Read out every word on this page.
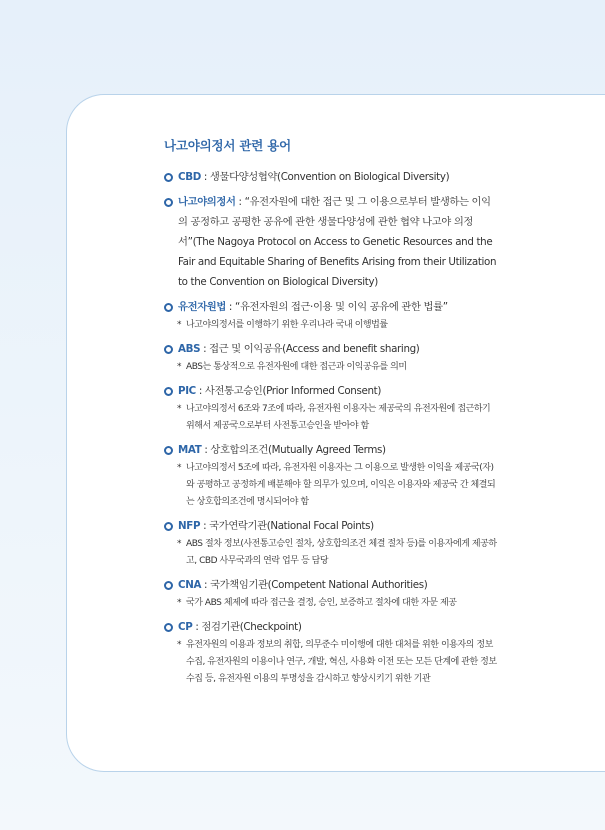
나고야의정서 관련 용어
CBD : 생물다양성협약(Convention on Biological Diversity)
나고야의정서 : “유전자원에 대한 접근 및 그 이용으로부터 발생하는 이익의 공정하고 공평한 공유에 관한 생물다양성에 관한 협약 나고야 의정서”(The Nagoya Protocol on Access to Genetic Resources and the Fair and Equitable Sharing of Benefits Arising from their Utilization to the Convention on Biological Diversity)
유전자원법 : “유전자원의 접근·이용 및 이익 공유에 관한 법률”
* 나고야의정서를 이행하기 위한 우리나라 국내 이행법률
ABS : 접근 및 이익공유(Access and benefit sharing)
* ABS는 통상적으로 유전자원에 대한 접근과 이익공유를 의미
PIC : 사전통고승인(Prior Informed Consent)
* 나고야의정서 6조와 7조에 따라, 유전자원 이용자는 제공국의 유전자원에 접근하기 위해서 제공국으로부터 사전통고승인을 받아야 함
MAT : 상호합의조건(Mutually Agreed Terms)
* 나고야의정서 5조에 따라, 유전자원 이용자는 그 이용으로 발생한 이익을 제공국(자)와 공평하고 공정하게 배분해야 할 의무가 있으며, 이익은 이용자와 제공국 간 체결되는 상호합의조건에 명시되어야 함
NFP : 국가연락기관(National Focal Points)
* ABS 절차 정보(사전통고승인 절차, 상호합의조건 체결 절차 등)를 이용자에게 제공하고, CBD 사무국과의 연락 업무 등 담당
CNA : 국가책임기관(Competent National Authorities)
* 국가 ABS 체제에 따라 접근을 결정, 승인, 보증하고 절차에 대한 자문 제공
CP : 점검기관(Checkpoint)
* 유전자원의 이용과 정보의 취합, 의무준수 미이행에 대한 대처를 위한 이용자의 정보수집, 유전자원의 이용이나 연구, 개발, 혁신, 사용화 이전 또는 모든 단계에 관한 정보 수집 등, 유전자원 이용의 투명성을 감시하고 향상시키기 위한 기관
